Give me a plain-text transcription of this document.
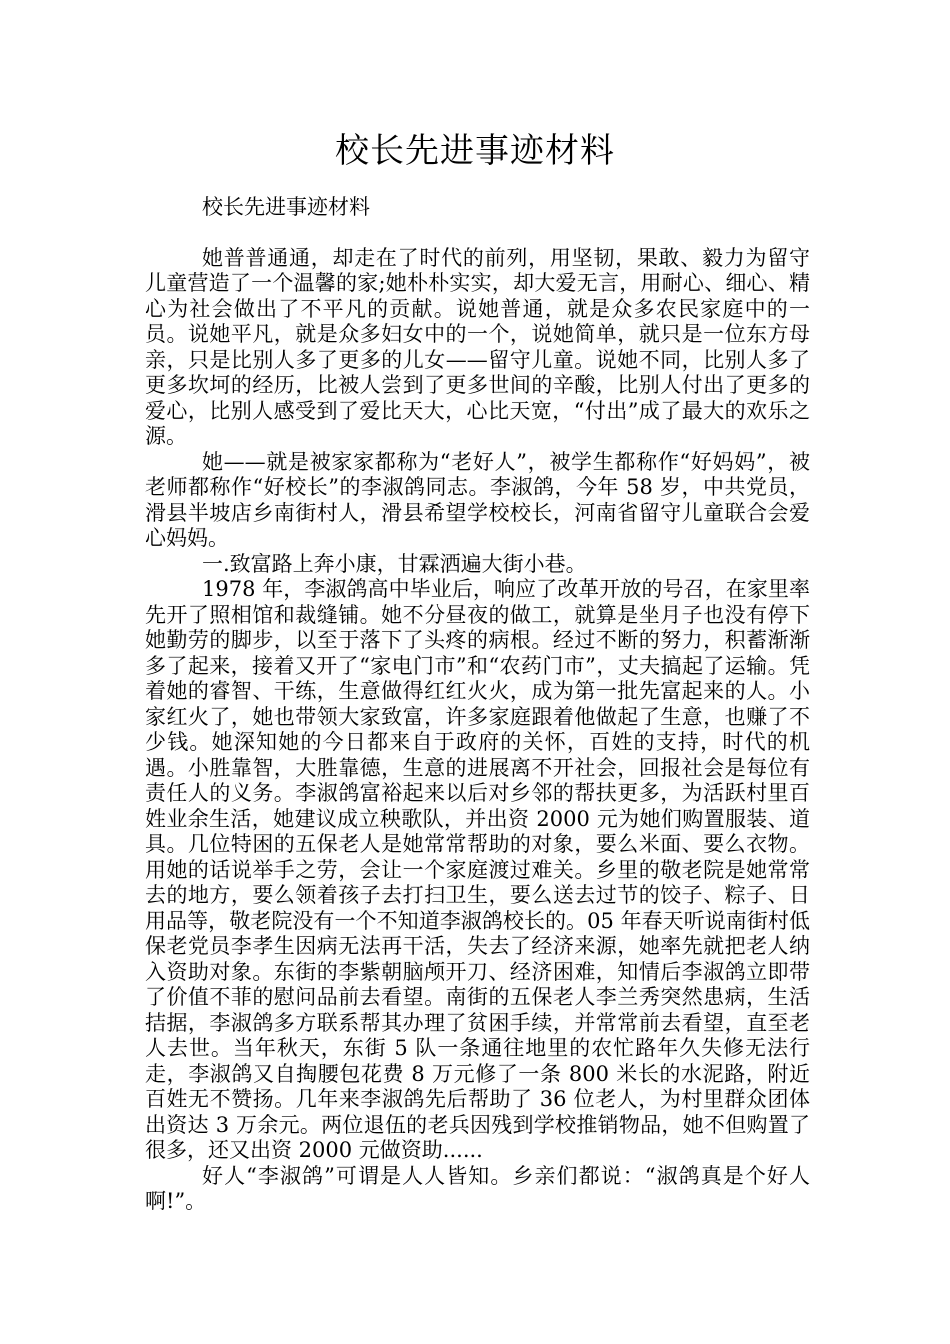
校长先进事迹材料

校长先进事迹材料

她普普通通，却走在了时代的前列，用坚韧，果敢、毅力为留守儿童营造了一个温馨的家;她朴朴实实，却大爱无言，用耐心、细心、精心为社会做出了不平凡的贡献。说她普通，就是众多农民家庭中的一员。说她平凡，就是众多妇女中的一个，说她简单，就只是一位东方母亲，只是比别人多了更多的儿女——留守儿童。说她不同，比别人多了更多坎坷的经历，比被人尝到了更多世间的辛酸，比别人付出了更多的爱心，比别人感受到了爱比天大，心比天宽，“付出”成了最大的欢乐之源。

她——就是被家家都称为“老好人”，被学生都称作“好妈妈”，被老师都称作“好校长”的李淑鸽同志。李淑鸽，今年 58 岁，中共党员，滑县半坡店乡南街村人，滑县希望学校校长，河南省留守儿童联合会爱心妈妈。

一.致富路上奔小康，甘霖洒遍大街小巷。

1978 年，李淑鸽高中毕业后，响应了改革开放的号召，在家里率先开了照相馆和裁缝铺。她不分昼夜的做工，就算是坐月子也没有停下她勤劳的脚步，以至于落下了头疼的病根。经过不断的努力，积蓄渐渐多了起来，接着又开了“家电门市”和“农药门市”，丈夫搞起了运输。凭着她的睿智、干练，生意做得红红火火，成为第一批先富起来的人。小家红火了，她也带领大家致富，许多家庭跟着他做起了生意，也赚了不少钱。她深知她的今日都来自于政府的关怀，百姓的支持，时代的机遇。小胜靠智，大胜靠德，生意的进展离不开社会，回报社会是每位有责任人的义务。李淑鸽富裕起来以后对乡邻的帮扶更多，为活跃村里百姓业余生活，她建议成立秧歌队，并出资 2000 元为她们购置服装、道具。几位特困的五保老人是她常常帮助的对象，要么米面、要么衣物。用她的话说举手之劳，会让一个家庭渡过难关。乡里的敬老院是她常常去的地方，要么领着孩子去打扫卫生，要么送去过节的饺子、粽子、日用品等，敬老院没有一个不知道李淑鸽校长的。05 年春天听说南街村低保老党员李孝生因病无法再干活，失去了经济来源，她率先就把老人纳入资助对象。东街的李紫朝脑颅开刀、经济困难，知情后李淑鸽立即带了价值不菲的慰问品前去看望。南街的五保老人李兰秀突然患病，生活拮据，李淑鸽多方联系帮其办理了贫困手续，并常常前去看望，直至老人去世。当年秋天，东街 5 队一条通往地里的农忙路年久失修无法行走，李淑鸽又自掏腰包花费 8 万元修了一条 800 米长的水泥路，附近百姓无不赞扬。几年来李淑鸽先后帮助了 36 位老人，为村里群众团体出资达 3 万余元。两位退伍的老兵因残到学校推销物品，她不但购置了很多，还又出资 2000 元做资助......

好人“李淑鸽”可谓是人人皆知。乡亲们都说：“淑鸽真是个好人啊!”。
